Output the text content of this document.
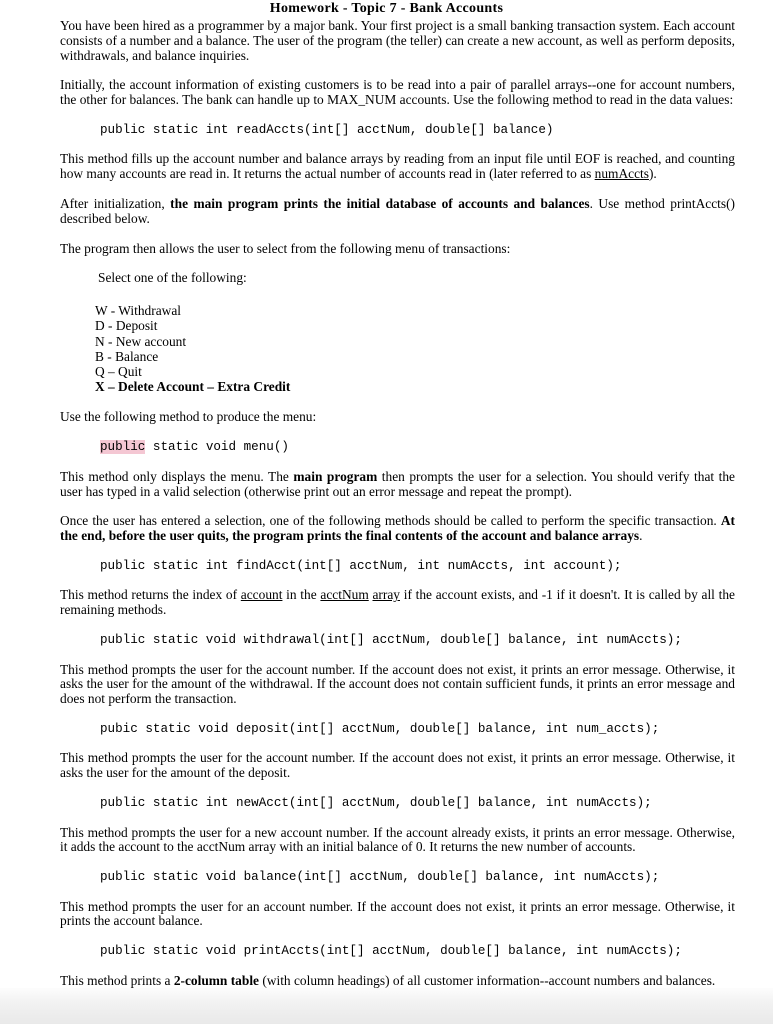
Homework - Topic 7 - Bank Accounts

You have been hired as a programmer by a major bank. Your first project is a small banking transaction system. Each account consists of a number and a balance. The user of the program (the teller) can create a new account, as well as perform deposits, withdrawals, and balance inquiries.

Initially, the account information of existing customers is to be read into a pair of parallel arrays--one for account numbers, the other for balances. The bank can handle up to MAX_NUM accounts. Use the following method to read in the data values:

public static int readAccts(int[] acctNum, double[] balance)

This method fills up the account number and balance arrays by reading from an input file until EOF is reached, and counting how many accounts are read in. It returns the actual number of accounts read in (later referred to as numAccts).

After initialization, the main program prints the initial database of accounts and balances. Use method printAccts() described below.

The program then allows the user to select from the following menu of transactions:

Select one of the following:
W - Withdrawal
D - Deposit
N - New account
B - Balance
Q – Quit
X – Delete Account – Extra Credit

Use the following method to produce the menu:

public static void menu()

This method only displays the menu. The main program then prompts the user for a selection. You should verify that the user has typed in a valid selection (otherwise print out an error message and repeat the prompt).

Once the user has entered a selection, one of the following methods should be called to perform the specific transaction. At the end, before the user quits, the program prints the final contents of the account and balance arrays.

public static int findAcct(int[] acctNum, int numAccts, int account);

This method returns the index of account in the acctNum array if the account exists, and -1 if it doesn't. It is called by all the remaining methods.

public static void withdrawal(int[] acctNum, double[] balance, int numAccts);

This method prompts the user for the account number. If the account does not exist, it prints an error message. Otherwise, it asks the user for the amount of the withdrawal. If the account does not contain sufficient funds, it prints an error message and does not perform the transaction.

pubic static void deposit(int[] acctNum, double[] balance, int num_accts);

This method prompts the user for the account number. If the account does not exist, it prints an error message. Otherwise, it asks the user for the amount of the deposit.

public static int newAcct(int[] acctNum, double[] balance, int numAccts);

This method prompts the user for a new account number. If the account already exists, it prints an error message. Otherwise, it adds the account to the acctNum array with an initial balance of 0. It returns the new number of accounts.

public static void balance(int[] acctNum, double[] balance, int numAccts);

This method prompts the user for an account number. If the account does not exist, it prints an error message. Otherwise, it prints the account balance.

public static void printAccts(int[] acctNum, double[] balance, int numAccts);

This method prints a 2-column table (with column headings) of all customer information--account numbers and balances.
